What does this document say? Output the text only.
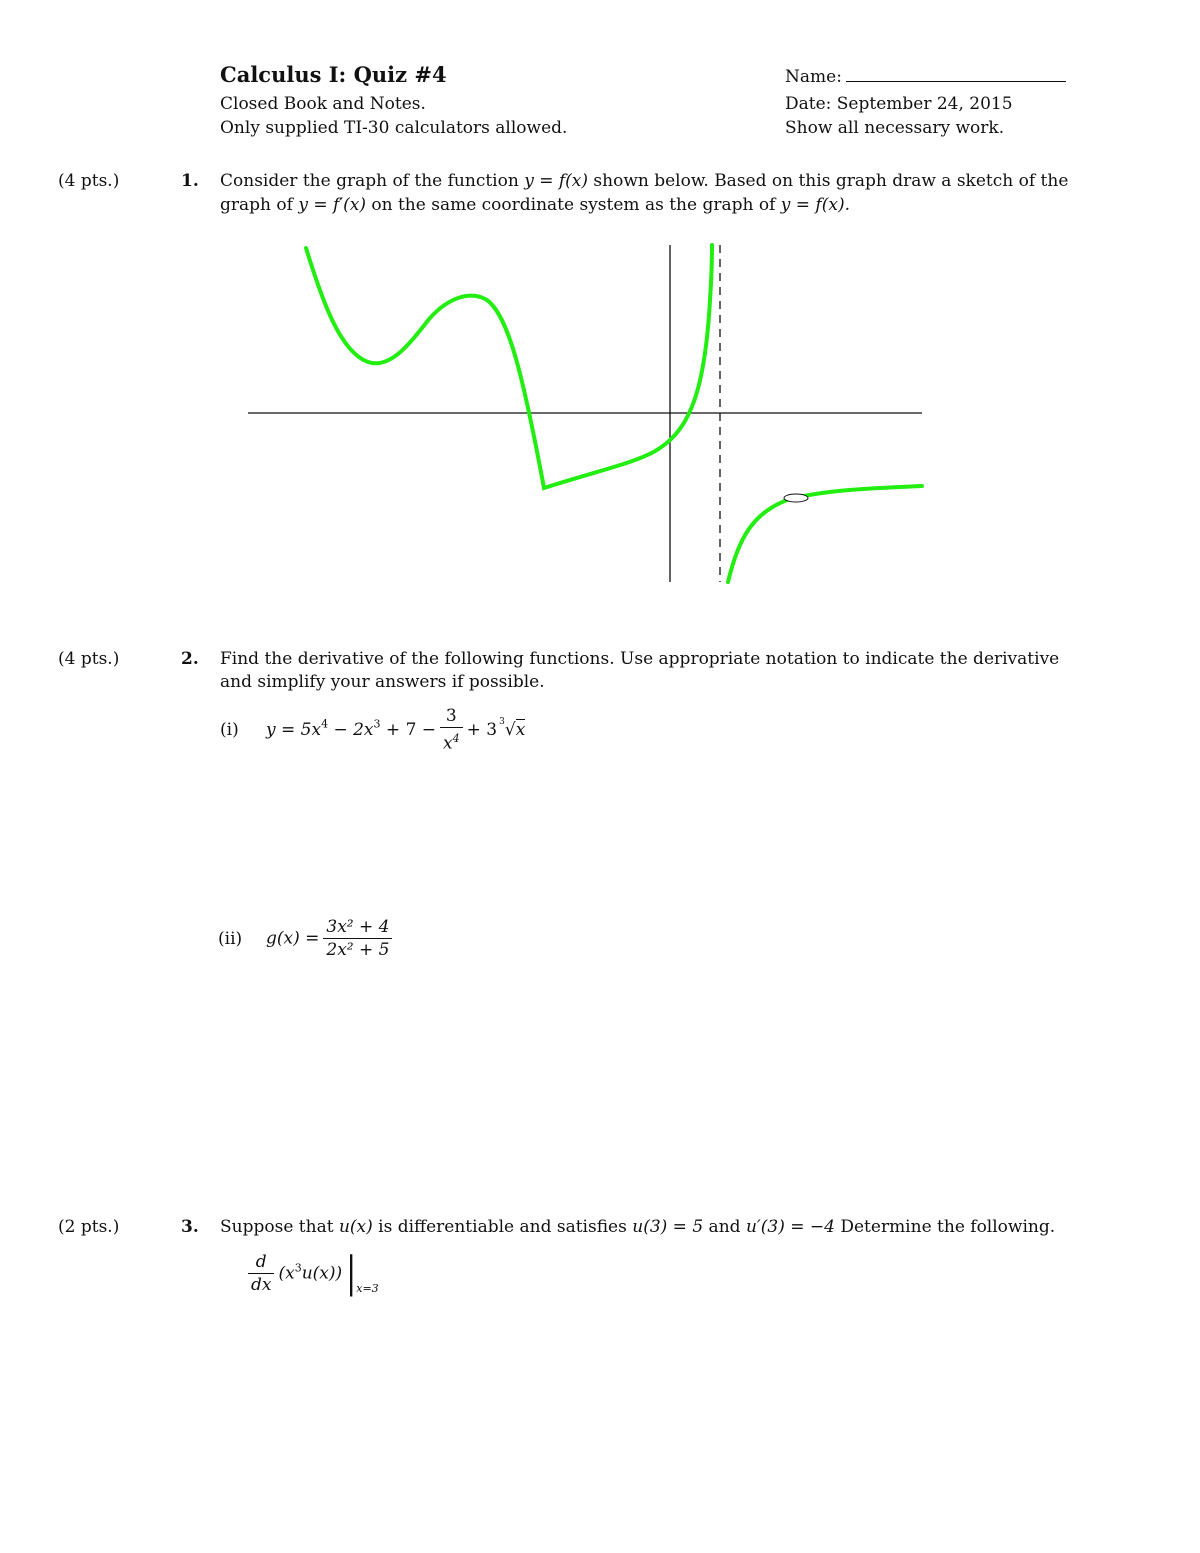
Calculus I: Quiz #4
Closed Book and Notes.
Only supplied TI-30 calculators allowed.
Name:
Date: September 24, 2015
Show all necessary work.
(4 pts.)	1. Consider the graph of the function y = f(x) shown below. Based on this graph draw a sketch of the
graph of y = f′(x) on the same coordinate system as the graph of y = f(x).
(4 pts.)	2. Find the derivative of the following functions. Use appropriate notation to indicate the derivative
and simplify your answers if possible.
(i) $y = 5x^4 - 2x^3 + 7 - \frac{3}{x^4} + 3$ $^3$√x
(ii) $g(x) = \frac{\text{3x² + 4}}{\text{2x² + 5}}$
(2 pts.)	3. Suppose that u(x) is differentiable and satisfies u(3) = 5 and u′(3) = −4 Determine the following.
$\frac{d}{dx} (x^3u(x))$ $|_{x=3}$
